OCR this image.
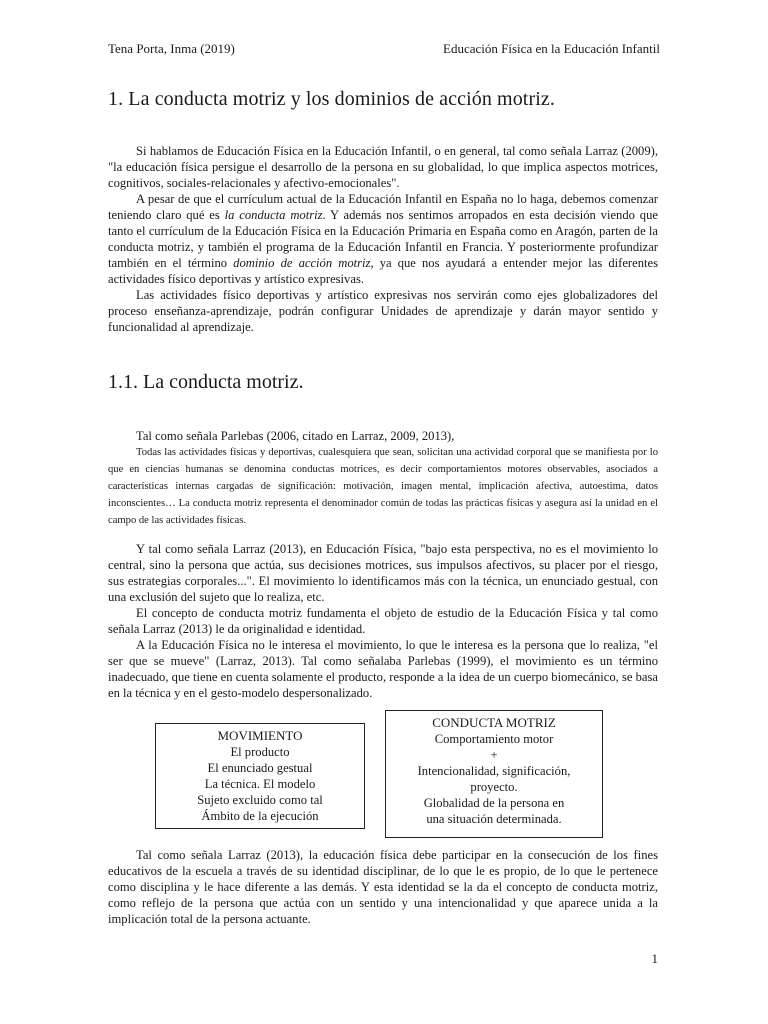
Tena Porta, Inma (2019)	Educación Física en la Educación Infantil
1. La conducta motriz y los dominios de acción motriz.

Si hablamos de Educación Física en la Educación Infantil, o en general, tal como señala Larraz (2009), "la educación física persigue el desarrollo de la persona en su globalidad, lo que implica aspectos motrices, cognitivos, sociales-relacionales y afectivo-emocionales".

A pesar de que el currículum actual de la Educación Infantil en España no lo haga, debemos comenzar teniendo claro qué es la conducta motriz. Y además nos sentimos arropados en esta decisión viendo que tanto el currículum de la Educación Física en la Educación Primaria en España como en Aragón, parten de la conducta motriz, y también el programa de la Educación Infantil en Francia. Y posteriormente profundizar también en el término dominio de acción motriz, ya que nos ayudará a entender mejor las diferentes actividades físico deportivas y artístico expresivas.

Las actividades físico deportivas y artístico expresivas nos servirán como ejes globalizadores del proceso enseñanza-aprendizaje, podrán configurar Unidades de aprendizaje y darán mayor sentido y funcionalidad al aprendizaje.

1.1. La conducta motriz.

Tal como señala Parlebas (2006, citado en Larraz, 2009, 2013),

Todas las actividades físicas y deportivas, cualesquiera que sean, solicitan una actividad corporal que se manifiesta por lo que en ciencias humanas se denomina conductas motrices, es decir comportamientos motores observables, asociados a características internas cargadas de significación: motivación, imagen mental, implicación afectiva, autoestima, datos inconscientes… La conducta motriz representa el denominador común de todas las prácticas físicas y asegura así la unidad en el campo de las actividades físicas.

Y tal como señala Larraz (2013), en Educación Física, "bajo esta perspectiva, no es el movimiento lo central, sino la persona que actúa, sus decisiones motrices, sus impulsos afectivos, su placer por el riesgo, sus estrategias corporales...". El movimiento lo identificamos más con la técnica, un enunciado gestual, con una exclusión del sujeto que lo realiza, etc.

El concepto de conducta motriz fundamenta el objeto de estudio de la Educación Física y tal como señala Larraz (2013) le da originalidad e identidad.

A la Educación Física no le interesa el movimiento, lo que le interesa es la persona que lo realiza, "el ser que se mueve" (Larraz, 2013). Tal como señalaba Parlebas (1999), el movimiento es un término inadecuado, que tiene en cuenta solamente el producto, responde a la idea de un cuerpo biomecánico, se basa en la técnica y en el gesto-modelo despersonalizado.

MOVIMIENTO
El producto
El enunciado gestual
La técnica. El modelo
Sujeto excluido como tal
Ámbito de la ejecución
CONDUCTA MOTRIZ
Comportamiento motor
+
Intencionalidad, significación,
proyecto.
Globalidad de la persona en
una situación determinada.

Tal como señala Larraz (2013), la educación física debe participar en la consecución de los fines educativos de la escuela a través de su identidad disciplinar, de lo que le es propio, de lo que le pertenece como disciplina y le hace diferente a las demás. Y esta identidad se la da el concepto de conducta motriz, como reflejo de la persona que actúa con un sentido y una intencionalidad y que aparece unida a la implicación total de la persona actuante.

1
